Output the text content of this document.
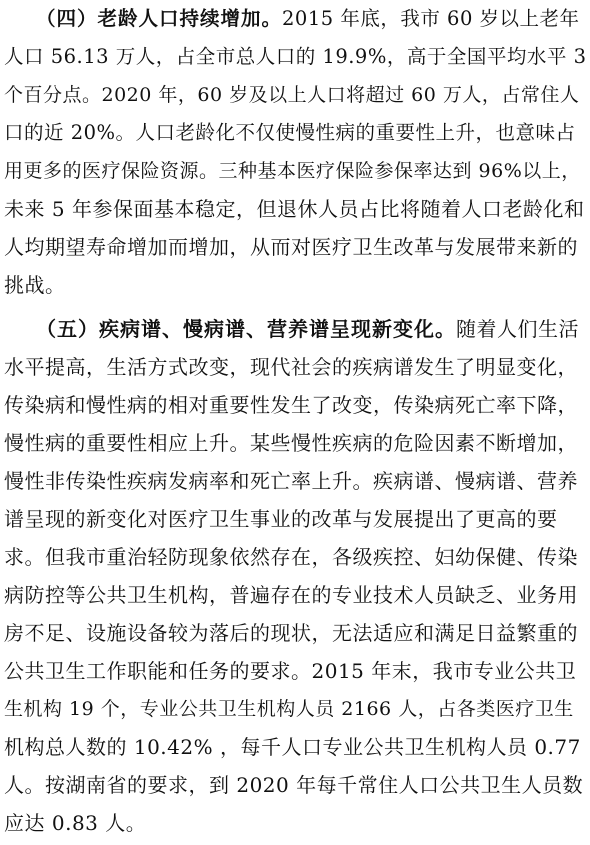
（四）老龄人口持续增加。2015 年底，我市 60 岁以上老年
人口 56.13 万人，占全市总人口的 19.9%，高于全国平均水平 3
个百分点。2020 年，60 岁及以上人口将超过 60 万人，占常住人
口的近 20%。人口老龄化不仅使慢性病的重要性上升，也意味占
用更多的医疗保险资源。三种基本医疗保险参保率达到 96%以上，
未来 5 年参保面基本稳定，但退休人员占比将随着人口老龄化和
人均期望寿命增加而增加，从而对医疗卫生改革与发展带来新的
挑战。
（五）疾病谱、慢病谱、营养谱呈现新变化。随着人们生活
水平提高，生活方式改变，现代社会的疾病谱发生了明显变化，
传染病和慢性病的相对重要性发生了改变，传染病死亡率下降，
慢性病的重要性相应上升。某些慢性疾病的危险因素不断增加，
慢性非传染性疾病发病率和死亡率上升。疾病谱、慢病谱、营养
谱呈现的新变化对医疗卫生事业的改革与发展提出了更高的要
求。但我市重治轻防现象依然存在，各级疾控、妇幼保健、传染
病防控等公共卫生机构，普遍存在的专业技术人员缺乏、业务用
房不足、设施设备较为落后的现状，无法适应和满足日益繁重的
公共卫生工作职能和任务的要求。2015 年末，我市专业公共卫
生机构 19 个，专业公共卫生机构人员 2166 人，占各类医疗卫生
机构总人数的 10.42% ，每千人口专业公共卫生机构人员 0.77
人。按湖南省的要求，到 2020 年每千常住人口公共卫生人员数
应达 0.83 人。
